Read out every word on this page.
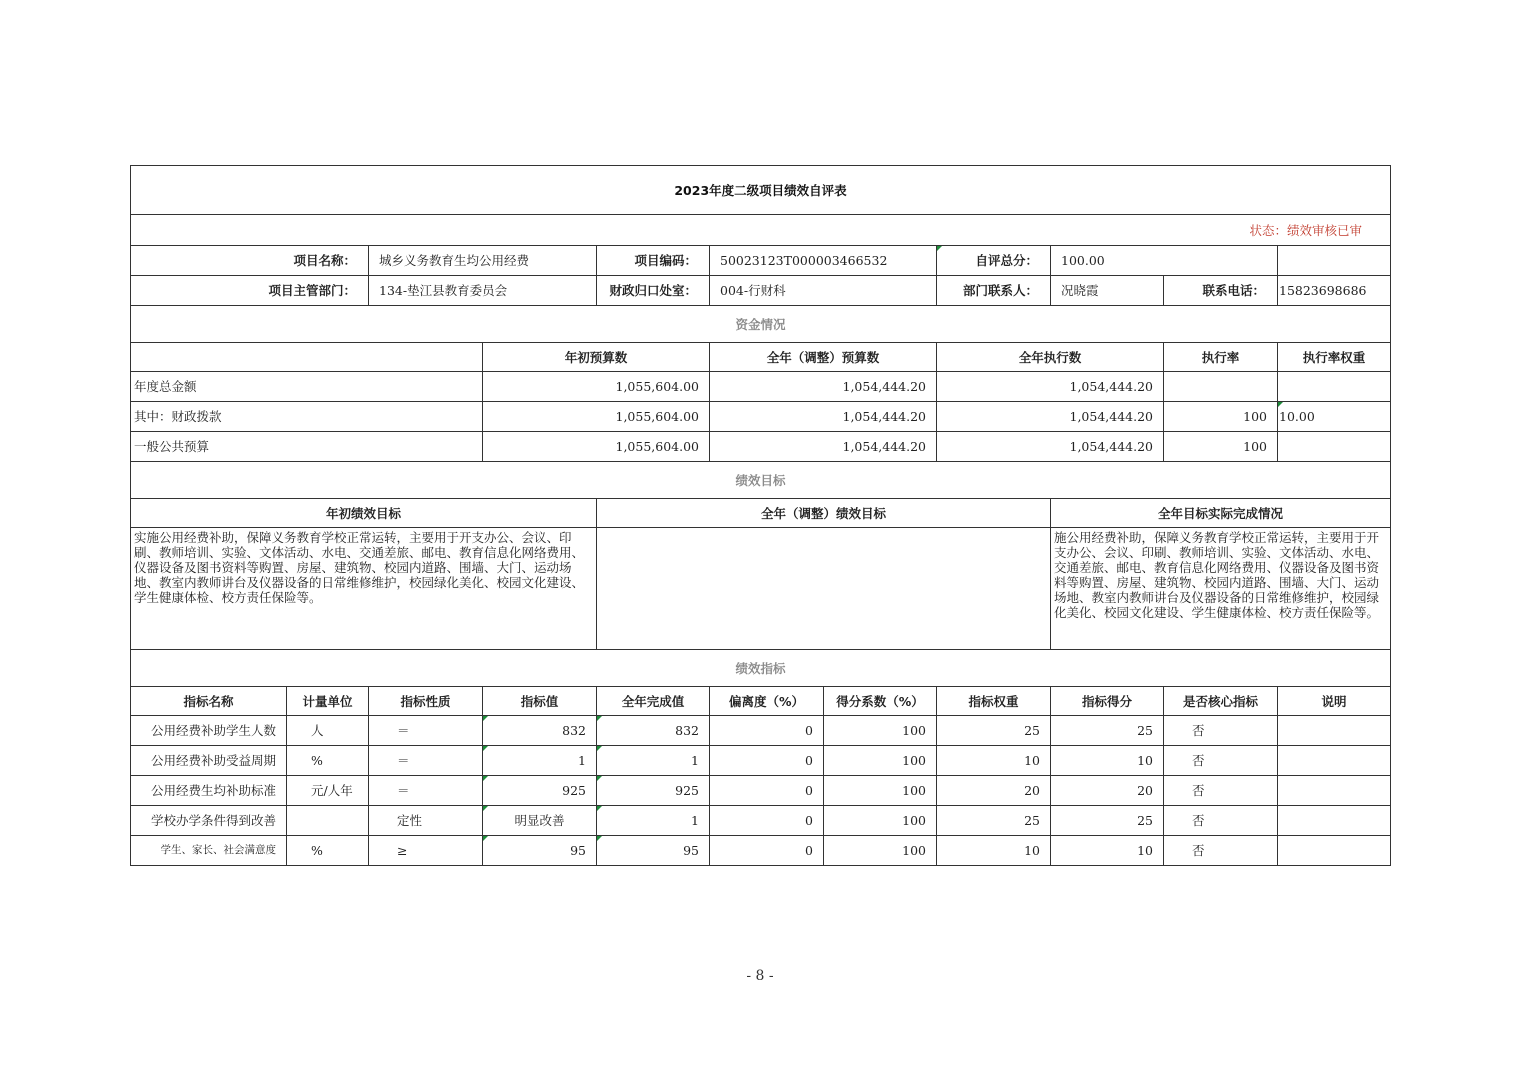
2023年度二级项目绩效自评表											
状态：绩效审核已审											
项目名称：		城乡义务教育生均公用经费		项目编码：	50023123T000003466532		自评总分：	100.00			
项目主管部门：		134-垫江县教育委员会		财政归口处室：	004-行财科		部门联系人：	况晓霞	联系电话：	15823698686	
资金情况											
			年初预算数		全年（调整）预算数		全年执行数		执行率	执行率权重	
年度总金额			1,055,604.00		1,054,444.20		1,054,444.20				
其中：财政拨款			1,055,604.00		1,054,444.20		1,054,444.20		100	10.00	
一般公共预算			1,055,604.00		1,054,444.20		1,054,444.20		100		
绩效目标											
年初绩效目标				全年（调整）绩效目标				全年目标实际完成情况			
实施公用经费补助，保障义务教育学校正常运转，主要用于开支办公、会议、印刷、教师培训、实验、文体活动、水电、交通差旅、邮电、教育信息化网络费用、仪器设备及图书资料等购置、房屋、建筑物、校园内道路、围墙、大门、运动场地、教室内教师讲台及仪器设备的日常维修维护，校园绿化美化、校园文化建设、学生健康体检、校方责任保险等。								施公用经费补助，保障义务教育学校正常运转，主要用于开支办公、会议、印刷、教师培训、实验、文体活动、水电、交通差旅、邮电、教育信息化网络费用、仪器设备及图书资料等购置、房屋、建筑物、校园内道路、围墙、大门、运动场地、教室内教师讲台及仪器设备的日常维修维护，校园绿化美化、校园文化建设、学生健康体检、校方责任保险等。			
绩效指标											
指标名称	计量单位	指标性质	指标值	全年完成值	偏离度（%）	得分系数（%）	指标权重	指标得分	是否核心指标	说明	
公用经费补助学生人数	人	＝	832	832	0	100	25	25	否		
公用经费补助受益周期	%	＝	1	1	0	100	10	10	否		
公用经费生均补助标准	元/人年	＝	925	925	0	100	20	20	否		
学校办学条件得到改善		定性	明显改善	1	0	100	25	25	否		
学生、家长、社会满意度	%	≥	95	95	0	100	10	10	否		
- 8 -
